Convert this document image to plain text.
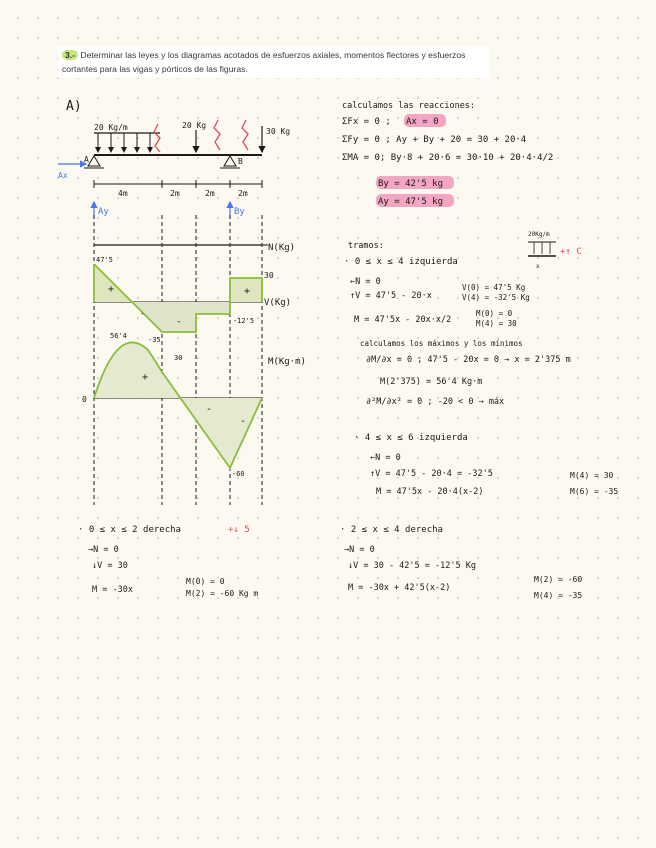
3.- Determinar las leyes y los diagramas acotados de esfuerzos axiales, momentos flectores y esfuerzos cortantes para las vigas y pórticos de las figuras.
A)
20 Kg/m	20 Kg
30 Kg
A	B
Ax
4m	2m	2m	2m
Ay	By
N(Kg)
V(Kg)
47'5
30
-12'5
-
+
-
+
M(Kg·m)
56'4	-35
30
-60
0
+
-
-
calculamos las reacciones:
ΣFx = 0 ; Ax = 0
ΣFy = 0 ; Ay + By + 20 = 30 + 20·4
ΣMA = 0; By·8 + 20·6 = 30·10 + 20·4·4/2
By = 42'5 kg
Ay = 47'5 kg
tramos:
· 0 ≤ x ≤ 4 izquierda
20Kg/m
x
+↑ C
←N = 0
↑V = 47'5 - 20·x
V(0) = 47'5 Kg
V(4) = -32'5 Kg
M = 47'5x - 20x·x/2
M(0) = 0
M(4) = 30
calculamos los máximos y los mínimos
∂M/∂x = 0 ; 47'5 - 20x = 0 → x = 2'375 m
M(2'375) = 56'4 Kg·m
∂²M/∂x² = 0 ; -20 < 0 → máx
· 4 ≤ x ≤ 6 izquierda
←N = 0
↑V = 47'5 - 20·4 = -32'5
M = 47'5x - 20·4(x-2)
M(4) = 30
M(6) = -35
· 0 ≤ x ≤ 2 derecha	+↓ 5
→N = 0
↓V = 30
M = -30x
M(0) = 0
M(2) = -60 Kg m
· 2 ≤ x ≤ 4 derecha
→N = 0
↓V = 30 - 42'5 = -12'5 Kg
M = -30x + 42'5(x-2)
M(2) = -60
M(4) = -35
